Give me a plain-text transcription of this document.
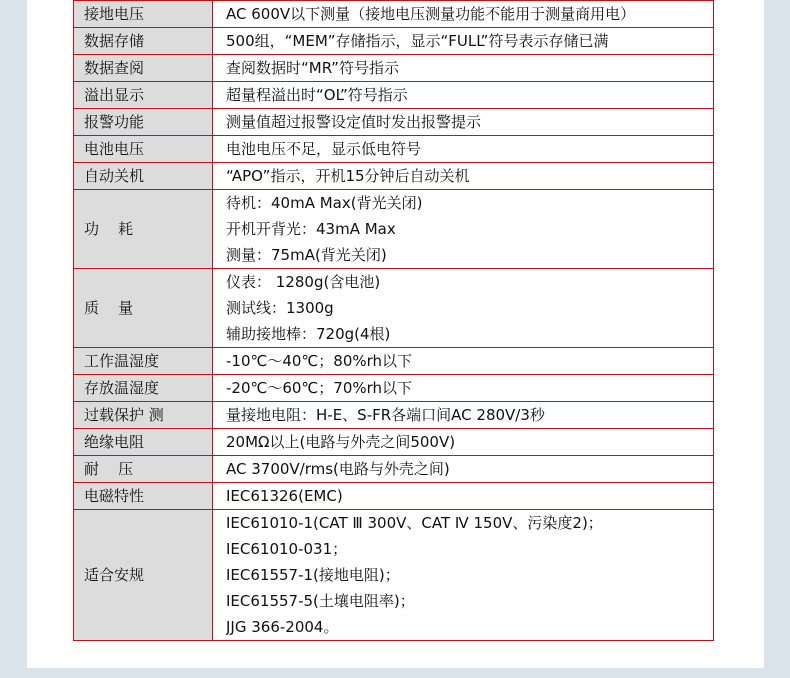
接地电压	AC 600V以下测量（接地电压测量功能不能用于测量商用电）

数据存储	500组，“MEM”存储指示，显示“FULL”符号表示存储已满

数据查阅	查阅数据时“MR”符号指示

溢出显示	超量程溢出时“OL”符号指示

报警功能	测量值超过报警设定值时发出报警提示

电池电压	电池电压不足，显示低电符号

自动关机	“APO”指示，开机15分钟后自动关机

功    耗	待机：40mA Max(背光关闭)
开机开背光：43mA Max
测量：75mA(背光关闭)

质    量	仪表： 1280g(含电池)
测试线：1300g
辅助接地棒：720g(4根)

工作温湿度	-10℃～40℃；80%rh以下

存放温湿度	-20℃～60℃；70%rh以下

过载保护 测	量接地电阻：H-E、S-FR各端口间AC 280V/3秒

绝缘电阻	20MΩ以上(电路与外壳之间500V)

耐    压	AC 3700V/rms(电路与外壳之间)

电磁特性	IEC61326(EMC)

适合安规	IEC61010-1(CAT Ⅲ 300V、CAT Ⅳ 150V、污染度2)；
IEC61010-031；
IEC61557-1(接地电阻)；
IEC61557-5(土壤电阻率)；
JJG 366-2004。
